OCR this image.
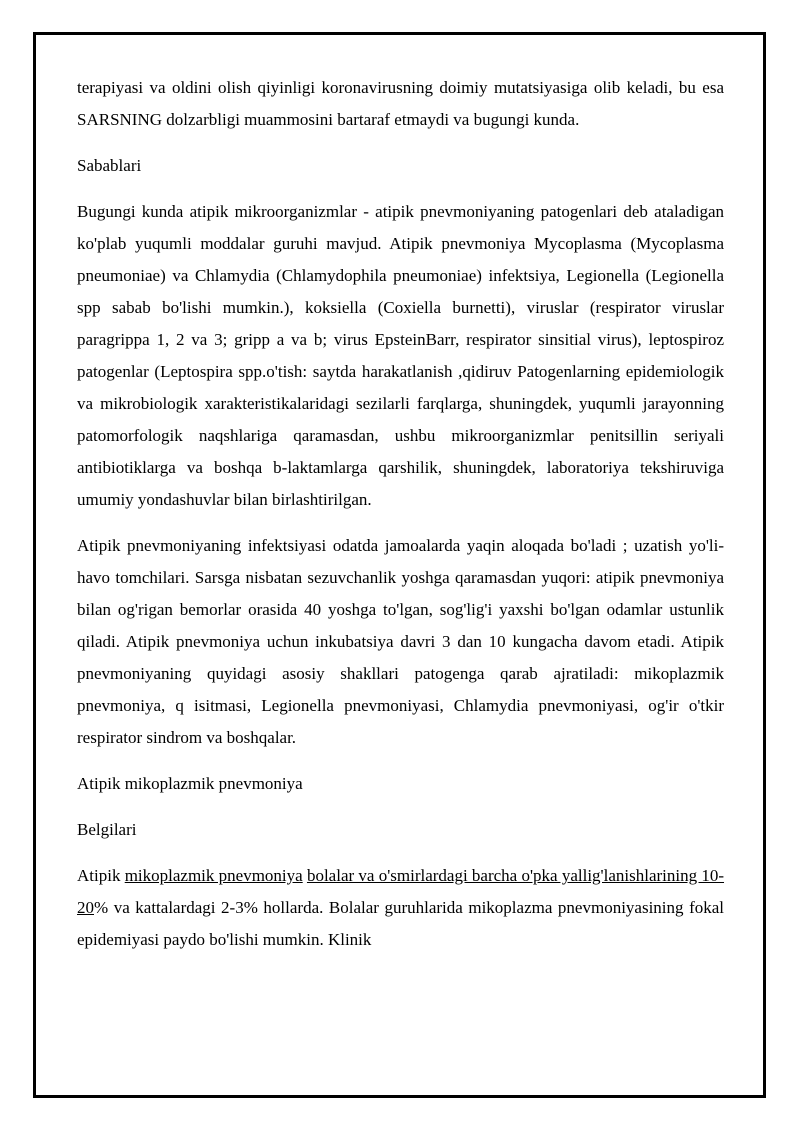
terapiyasi va oldini olish qiyinligi koronavirusning doimiy mutatsiyasiga olib keladi, bu esa SARSNING dolzarbligi muammosini bartaraf etmaydi va bugungi kunda.

Sabablari

Bugungi kunda atipik mikroorganizmlar - atipik pnevmoniyaning patogenlari deb ataladigan ko'plab yuqumli moddalar guruhi mavjud. Atipik pnevmoniya Mycoplasma (Mycoplasma pneumoniae) va Chlamydia (Chlamydophila pneumoniae) infektsiya, Legionella (Legionella spp sabab bo'lishi mumkin.), koksiella (Coxiella burnetti), viruslar (respirator viruslar paragrippa 1, 2 va 3; gripp a va b; virus EpsteinBarr, respirator sinsitial virus), leptospiroz patogenlar (Leptospira spp.o'tish: saytda harakatlanish ,qidiruv Patogenlarning epidemiologik va mikrobiologik xarakteristikalaridagi sezilarli farqlarga, shuningdek, yuqumli jarayonning patomorfologik naqshlariga qaramasdan, ushbu mikroorganizmlar penitsillin seriyali antibiotiklarga va boshqa b-laktamlarga qarshilik, shuningdek, laboratoriya tekshiruviga umumiy yondashuvlar bilan birlashtirilgan.

Atipik pnevmoniyaning infektsiyasi odatda jamoalarda yaqin aloqada bo'ladi ; uzatish yo'li-havo tomchilari. Sarsga nisbatan sezuvchanlik yoshga qaramasdan yuqori: atipik pnevmoniya bilan og'rigan bemorlar orasida 40 yoshga to'lgan, sog'lig'i yaxshi bo'lgan odamlar ustunlik qiladi. Atipik pnevmoniya uchun inkubatsiya davri 3 dan 10 kungacha davom etadi. Atipik pnevmoniyaning quyidagi asosiy shakllari patogenga qarab ajratiladi: mikoplazmik pnevmoniya, q isitmasi, Legionella pnevmoniyasi, Chlamydia pnevmoniyasi, og'ir o'tkir respirator sindrom va boshqalar.

Atipik mikoplazmik pnevmoniya

Belgilari

Atipik mikoplazmik pnevmoniya bolalar va o'smirlardagi barcha o'pka yallig'lanishlarining 10-20% va kattalardagi 2-3% hollarda. Bolalar guruhlarida mikoplazma pnevmoniyasining fokal epidemiyasi paydo bo'lishi mumkin. Klinik
